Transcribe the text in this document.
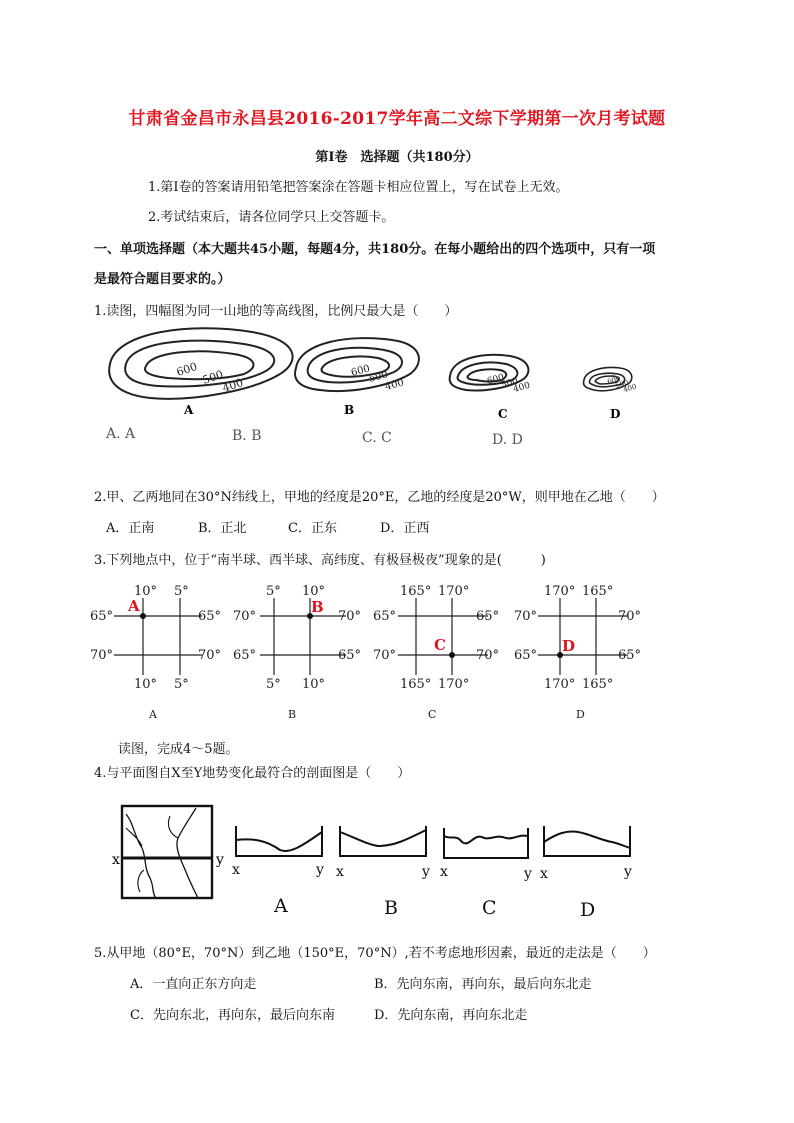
甘肃省金昌市永昌县2016-2017学年高二文综下学期第一次月考试题
第Ⅰ卷　选择题（共180分）
1.第Ⅰ卷的答案请用铅笔把答案涂在答题卡相应位置上，写在试卷上无效。
2.考试结束后，请各位同学只上交答题卡。
一、单项选择题（本大题共45小题，每题4分，共180分。在每小题给出的四个选项中，只有一项
是最符合题目要求的。）
1.读图，四幅图为同一山地的等高线图，比例尺最大是（　　）
600 500
400
A
600
500
400
B
600
500
400
C
600
500
400
D
A. A	B. B	C. C	D. D
2.甲、乙两地同在30°N纬线上，甲地的经度是20°E，乙地的经度是20°W，则甲地在乙地（　　）
A．正南	B．正北	C．正东	D．正西
3.下列地点中，位于“南半球、西半球、高纬度、有极昼极夜”现象的是(　　　)
10° 5°
10° 5°
65°
70°
65°
70°
A
A
5° 10°
5° 10°
70°
65°
70°
65°
B
B
165° 170°
165° 170°
65°
70°
65°
70°
C
C
170° 165°
170° 165°
70°
65°
70°
65°
D
D
读图，完成4～5题。
4.与平面图自X至Y地势变化最符合的剖面图是（　　）
x	y
x	y x	y x	y x	y
A	B	C	D
5.从甲地（80°E，70°N）到乙地（150°E，70°N）,若不考虑地形因素，最近的走法是（　　）
A．一直向正东方向走	B．先向东南，再向东，最后向东北走
C．先向东北，再向东，最后向东南	D．先向东南，再向东北走
